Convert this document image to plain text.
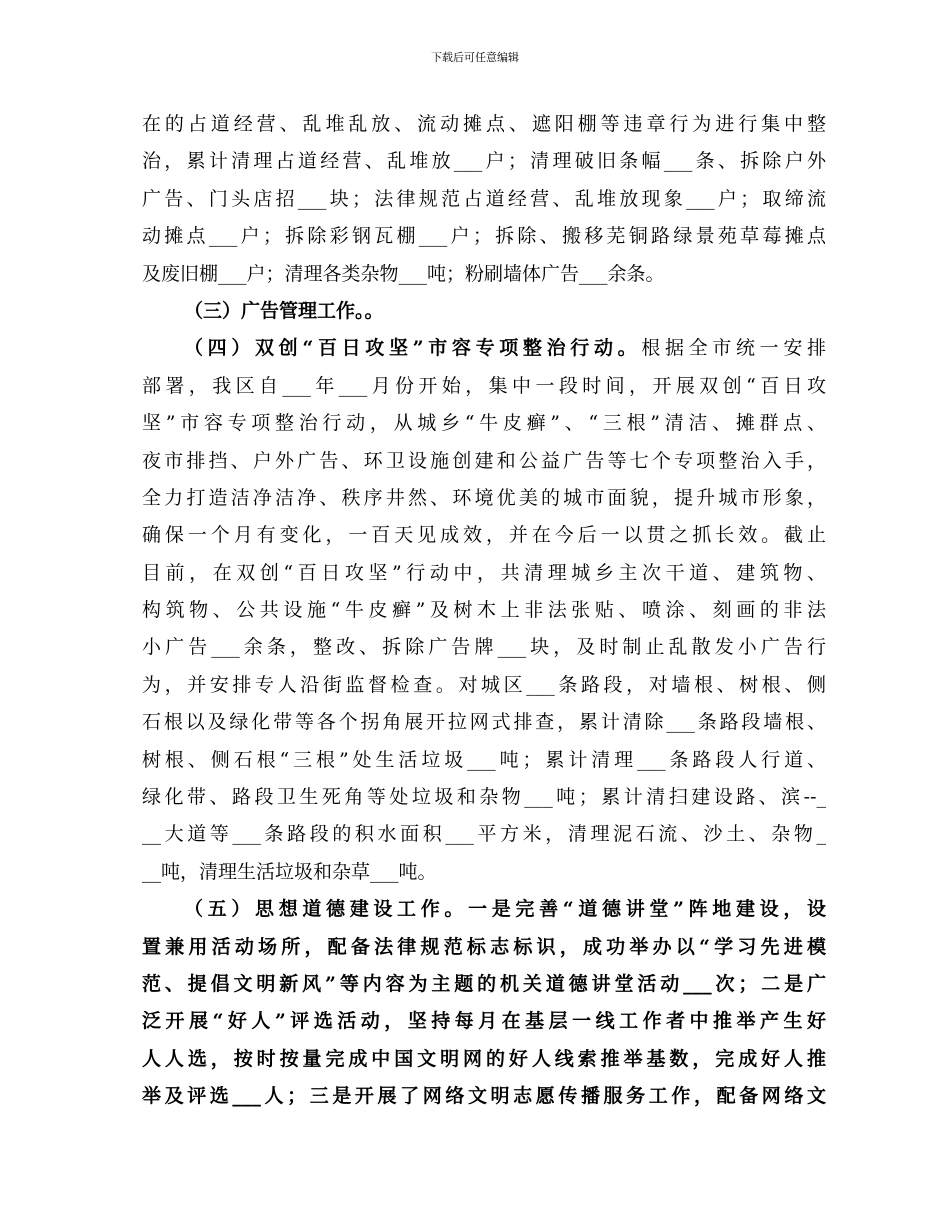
下载后可任意编辑
在的占道经营、乱堆乱放、流动摊点、遮阳棚等违章行为进行集中整
治，累计清理占道经营、乱堆放___户；清理破旧条幅___条、拆除户外
广告、门头店招___块；法律规范占道经营、乱堆放现象___户；取缔流
动摊点___户；拆除彩钢瓦棚___户；拆除、搬移芜铜路绿景苑草莓摊点
及废旧棚___户；清理各类杂物___吨；粉刷墙体广告___余条。
（三）广告管理工作。。
（四）双创“百日攻坚”市容专项整治行动。根据全市统一安排
部署，我区自___年___月份开始，集中一段时间，开展双创“百日攻
坚”市容专项整治行动，从城乡“牛皮癣”、“三根”清洁、摊群点、
夜市排挡、户外广告、环卫设施创建和公益广告等七个专项整治入手，
全力打造洁净洁净、秩序井然、环境优美的城市面貌，提升城市形象，
确保一个月有变化，一百天见成效，并在今后一以贯之抓长效。截止
目前，在双创“百日攻坚”行动中，共清理城乡主次干道、建筑物、
构筑物、公共设施“牛皮癣”及树木上非法张贴、喷涂、刻画的非法
小广告___余条，整改、拆除广告牌___块，及时制止乱散发小广告行
为，并安排专人沿街监督检查。对城区___条路段，对墙根、树根、侧
石根以及绿化带等各个拐角展开拉网式排查，累计清除___条路段墙根、
树根、侧石根“三根”处生活垃圾___吨；累计清理___条路段人行道、
绿化带、路段卫生死角等处垃圾和杂物___吨；累计清扫建设路、滨--_
__大道等___条路段的积水面积___平方米，清理泥石流、沙土、杂物_
__吨，清理生活垃圾和杂草___吨。
（五）思想道德建设工作。一是完善“道德讲堂”阵地建设，设
置兼用活动场所，配备法律规范标志标识，成功举办以“学习先进模
范、提倡文明新风”等内容为主题的机关道德讲堂活动___次；二是广
泛开展“好人”评选活动，坚持每月在基层一线工作者中推举产生好
人人选，按时按量完成中国文明网的好人线索推举基数，完成好人推
举及评选___人；三是开展了网络文明志愿传播服务工作，配备网络文
